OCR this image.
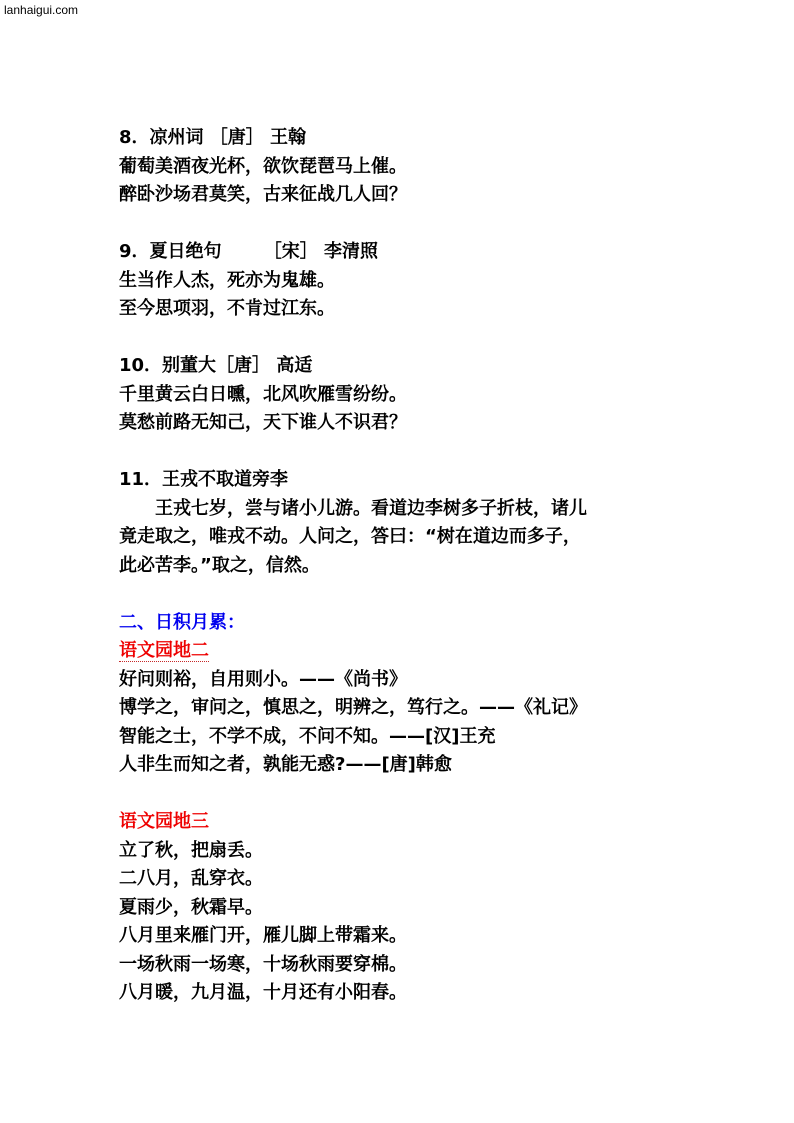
lanhaigui.com

8．凉州词 ［唐］ 王翰

葡萄美酒夜光杯，欲饮琵琶马上催。

醉卧沙场君莫笑，古来征战几人回？

9．夏日绝句　　 ［宋］ 李清照

生当作人杰，死亦为鬼雄。

至今思项羽，不肯过江东。

10．别董大［唐］ 高适

千里黄云白日曛，北风吹雁雪纷纷。

莫愁前路无知己，天下谁人不识君？

11．王戎不取道旁李

王戎七岁，尝与诸小儿游。看道边李树多子折枝，诸儿

竟走取之，唯戎不动。人问之，答曰：“树在道边而多子，

此必苦李。”取之，信然。

二、日积月累：

语文园地二

好问则裕，自用则小。——《尚书》

博学之，审问之，慎思之，明辨之，笃行之。——《礼记》

智能之士，不学不成，不问不知。——[汉]王充

人非生而知之者，孰能无惑?——[唐]韩愈

语文园地三

立了秋，把扇丢。

二八月，乱穿衣。

夏雨少，秋霜早。

八月里来雁门开，雁儿脚上带霜来。

一场秋雨一场寒，十场秋雨要穿棉。

八月暖，九月温，十月还有小阳春。
